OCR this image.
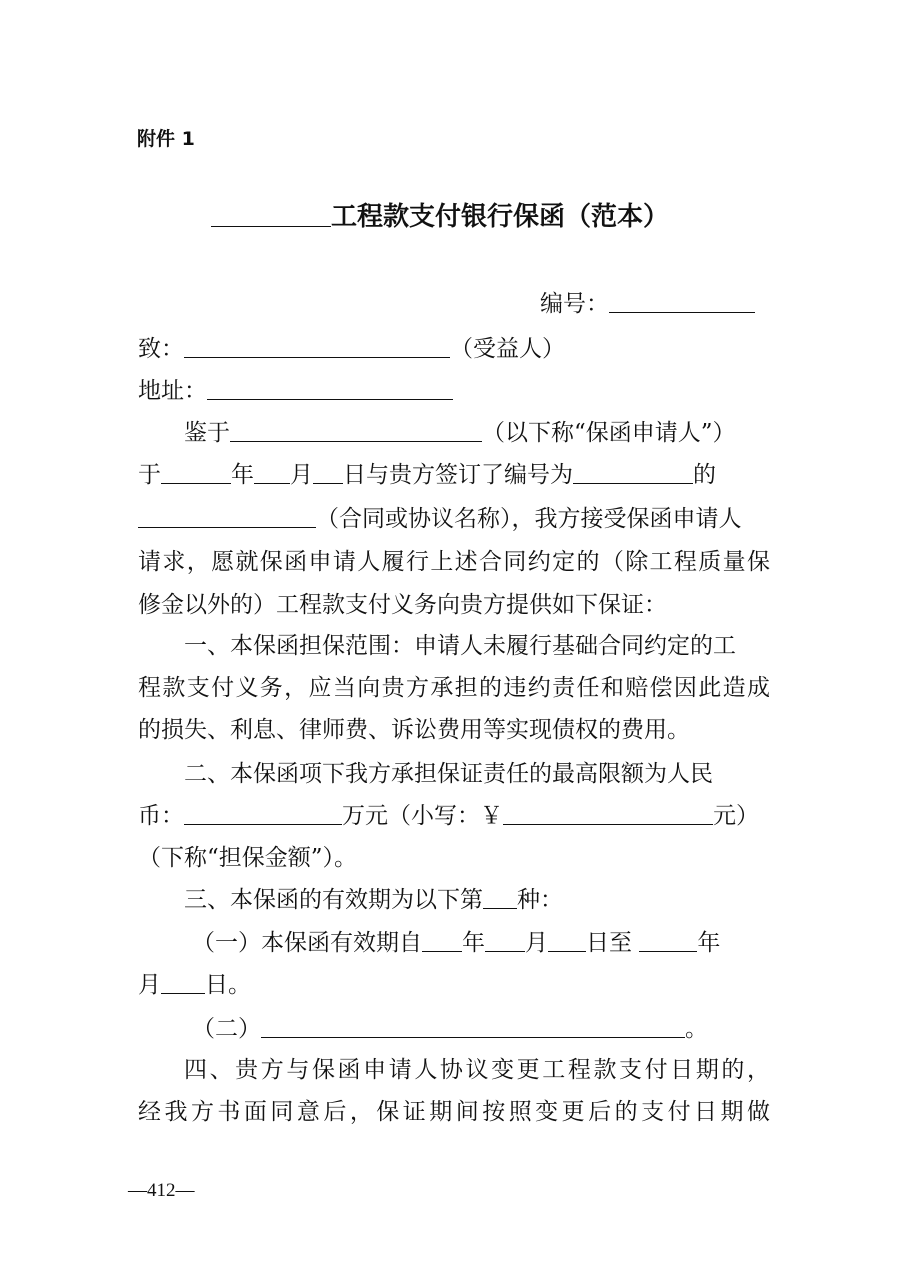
附件 1
工程款支付银行保函（范本）
编号：
致：	（受益人）
地址：
鉴于	（以下称“保函申请人”）
于	年 月 日与贵方签订了编号为	的
（合同或协议名称），我方接受保函申请人
请求，愿就保函申请人履行上述合同约定的（除工程质量保
修金以外的）工程款支付义务向贵方提供如下保证：
一、本保函担保范围：申请人未履行基础合同约定的工
程款支付义务，应当向贵方承担的违约责任和赔偿因此造成
的损失、利息、律师费、诉讼费用等实现债权的费用。
二、本保函项下我方承担保证责任的最高限额为人民
币：	万元（小写：￥	元）
（下称“担保金额”）。
三、本保函的有效期为以下第 种：
（一）本保函有效期自 年 月 日至	年
月 日。
（二）	。
四、贵方与保函申请人协议变更工程款支付日期的，
经我方书面同意后，保证期间按照变更后的支付日期做
—412—
